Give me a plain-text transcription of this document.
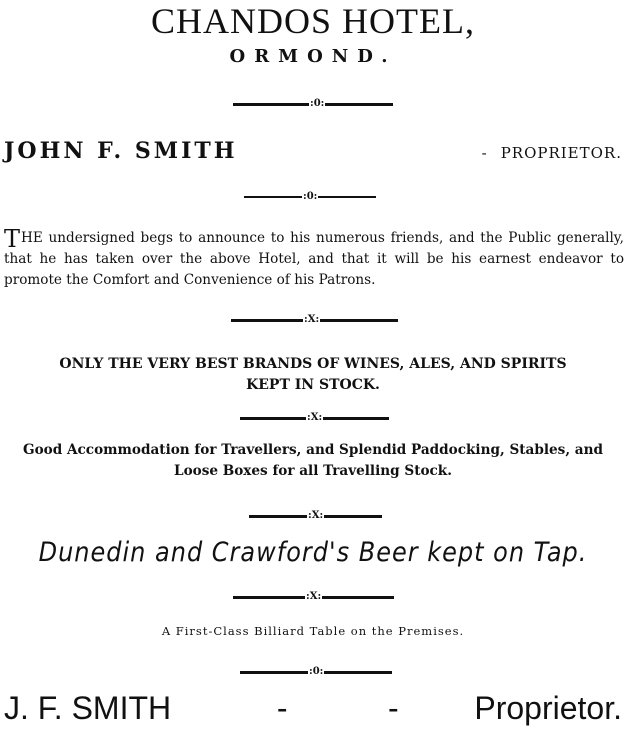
CHANDOS HOTEL,
ORMOND.
:0:
JOHN F. SMITH	- PROPRIETOR.
:0:
THE undersigned begs to announce to his numerous friends, and the Public generally, that he has taken over the above Hotel, and that it will be his earnest endeavor to promote the Comfort and Convenience of his Patrons.
:X:
ONLY THE VERY BEST BRANDS OF WINES, ALES, AND SPIRITS
KEPT IN STOCK.
:X:
Good Accommodation for Travellers, and Splendid Paddocking, Stables, and
Loose Boxes for all Travelling Stock.
:X:
Dunedin and Crawford's Beer kept on Tap.
:X:
A First-Class Billiard Table on the Premises.
:0:
J. F. SMITH	-	-	Proprietor.
